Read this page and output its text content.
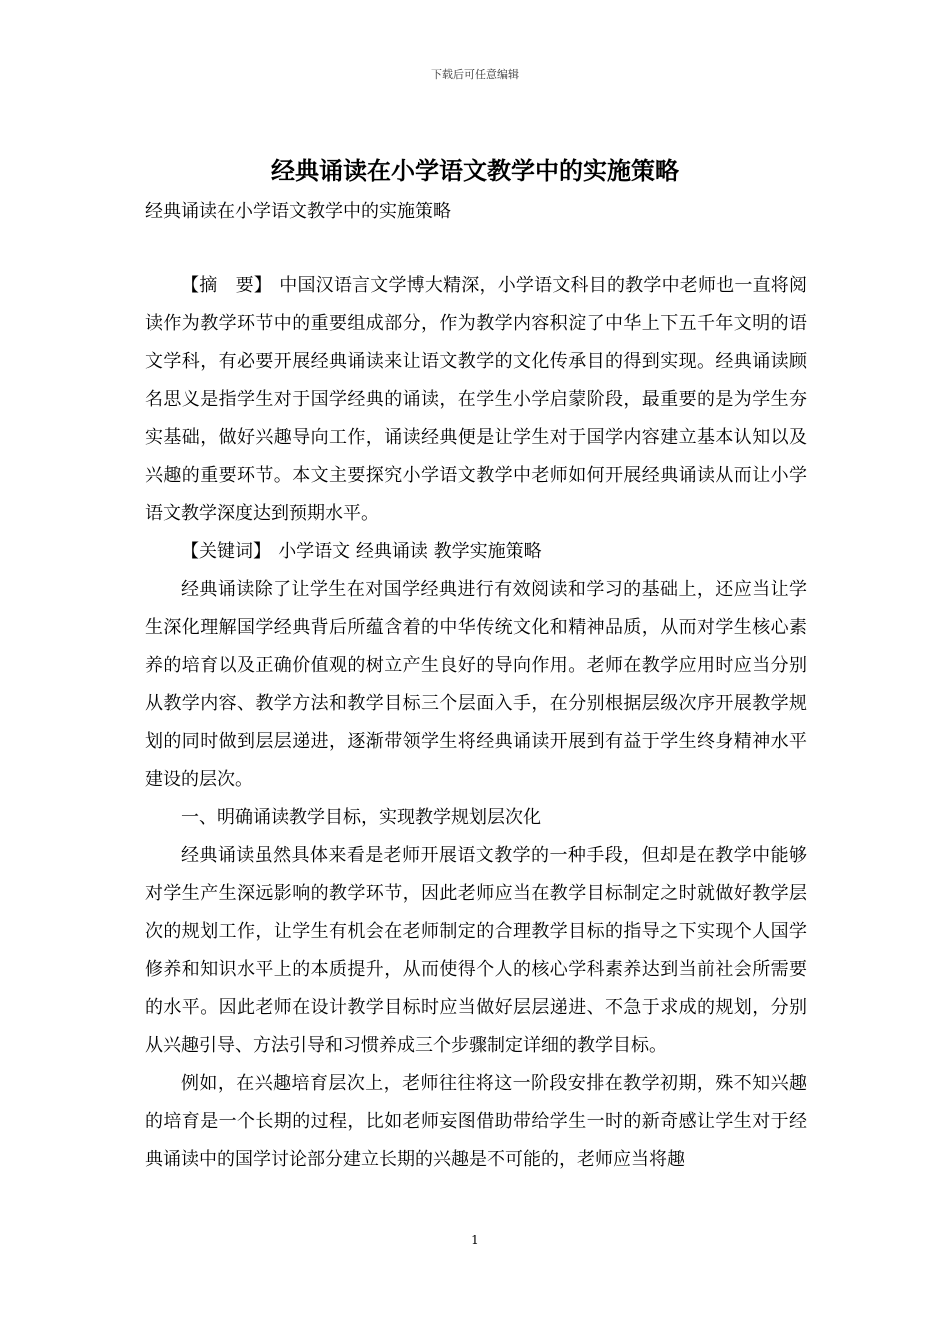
下载后可任意编辑
经典诵读在小学语文教学中的实施策略
经典诵读在小学语文教学中的实施策略

【摘　要】 中国汉语言文学博大精深，小学语文科目的教学中老师也一直将阅读作为教学环节中的重要组成部分，作为教学内容积淀了中华上下五千年文明的语文学科，有必要开展经典诵读来让语文教学的文化传承目的得到实现。经典诵读顾名思义是指学生对于国学经典的诵读，在学生小学启蒙阶段，最重要的是为学生夯实基础，做好兴趣导向工作，诵读经典便是让学生对于国学内容建立基本认知以及兴趣的重要环节。本文主要探究小学语文教学中老师如何开展经典诵读从而让小学语文教学深度达到预期水平。

【关键词】 小学语文 经典诵读 教学实施策略

经典诵读除了让学生在对国学经典进行有效阅读和学习的基础上，还应当让学生深化理解国学经典背后所蕴含着的中华传统文化和精神品质，从而对学生核心素养的培育以及正确价值观的树立产生良好的导向作用。老师在教学应用时应当分别从教学内容、教学方法和教学目标三个层面入手，在分别根据层级次序开展教学规划的同时做到层层递进，逐渐带领学生将经典诵读开展到有益于学生终身精神水平建设的层次。

一、明确诵读教学目标，实现教学规划层次化

经典诵读虽然具体来看是老师开展语文教学的一种手段，但却是在教学中能够对学生产生深远影响的教学环节，因此老师应当在教学目标制定之时就做好教学层次的规划工作，让学生有机会在老师制定的合理教学目标的指导之下实现个人国学修养和知识水平上的本质提升，从而使得个人的核心学科素养达到当前社会所需要的水平。因此老师在设计教学目标时应当做好层层递进、不急于求成的规划，分别从兴趣引导、方法引导和习惯养成三个步骤制定详细的教学目标。

例如，在兴趣培育层次上，老师往往将这一阶段安排在教学初期，殊不知兴趣的培育是一个长期的过程，比如老师妄图借助带给学生一时的新奇感让学生对于经典诵读中的国学讨论部分建立长期的兴趣是不可能的，老师应当将趣

1
